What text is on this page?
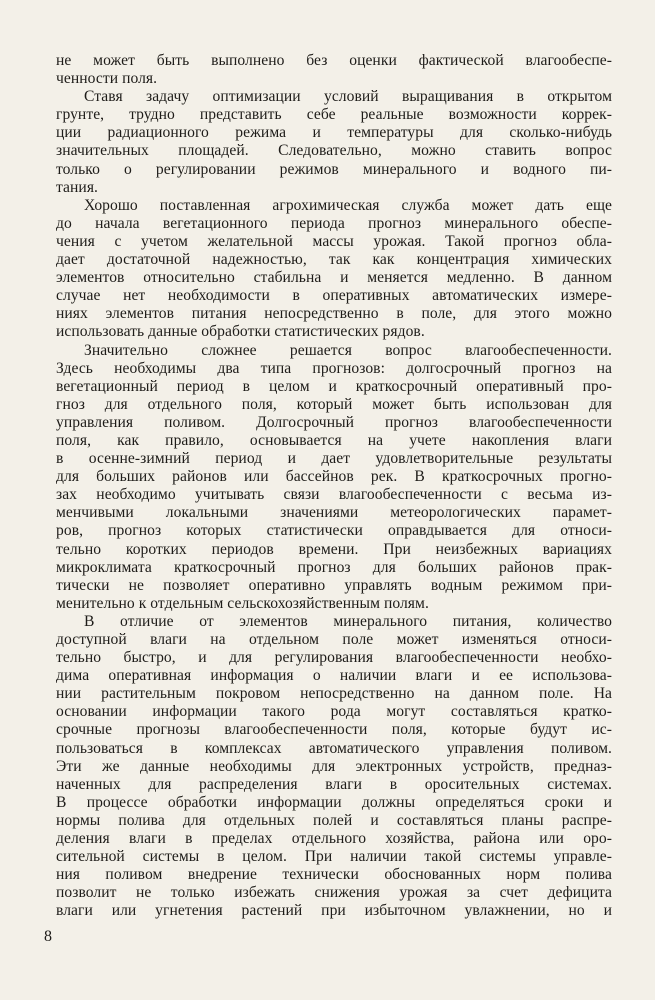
не может быть выполнено без оценки фактической влагообеспе-
ченности поля.

Ставя задачу оптимизации условий выращивания в открытом
грунте, трудно представить себе реальные возможности коррек-
ции радиационного режима и температуры для сколько-нибудь
значительных площадей. Следовательно, можно ставить вопрос
только о регулировании режимов минерального и водного пи-
тания.

Хорошо поставленная агрохимическая служба может дать еще
до начала вегетационного периода прогноз минерального обеспе-
чения с учетом желательной массы урожая. Такой прогноз обла-
дает достаточной надежностью, так как концентрация химических
элементов относительно стабильна и меняется медленно. В данном
случае нет необходимости в оперативных автоматических измере-
ниях элементов питания непосредственно в поле, для этого можно
использовать данные обработки статистических рядов.

Значительно сложнее решается вопрос влагообеспеченности.
Здесь необходимы два типа прогнозов: долгосрочный прогноз на
вегетационный период в целом и краткосрочный оперативный про-
гноз для отдельного поля, который может быть использован для
управления поливом. Долгосрочный прогноз влагообеспеченности
поля, как правило, основывается на учете накопления влаги
в осенне-зимний период и дает удовлетворительные результаты
для больших районов или бассейнов рек. В краткосрочных прогно-
зах необходимо учитывать связи влагообеспеченности с весьма из-
менчивыми локальными значениями метеорологических парамет-
ров, прогноз которых статистически оправдывается для относи-
тельно коротких периодов времени. При неизбежных вариациях
микроклимата краткосрочный прогноз для больших районов прак-
тически не позволяет оперативно управлять водным режимом при-
менительно к отдельным сельскохозяйственным полям.

В отличие от элементов минерального питания, количество
доступной влаги на отдельном поле может изменяться относи-
тельно быстро, и для регулирования влагообеспеченности необхо-
дима оперативная информация о наличии влаги и ее использова-
нии растительным покровом непосредственно на данном поле. На
основании информации такого рода могут составляться кратко-
срочные прогнозы влагообеспеченности поля, которые будут ис-
пользоваться в комплексах автоматического управления поливом.
Эти же данные необходимы для электронных устройств, предназ-
наченных для распределения влаги в оросительных системах.
В процессе обработки информации должны определяться сроки и
нормы полива для отдельных полей и составляться планы распре-
деления влаги в пределах отдельного хозяйства, района или оро-
сительной системы в целом. При наличии такой системы управле-
ния поливом внедрение технически обоснованных норм полива
позволит не только избежать снижения урожая за счет дефицита
влаги или угнетения растений при избыточном увлажнении, но и

8
